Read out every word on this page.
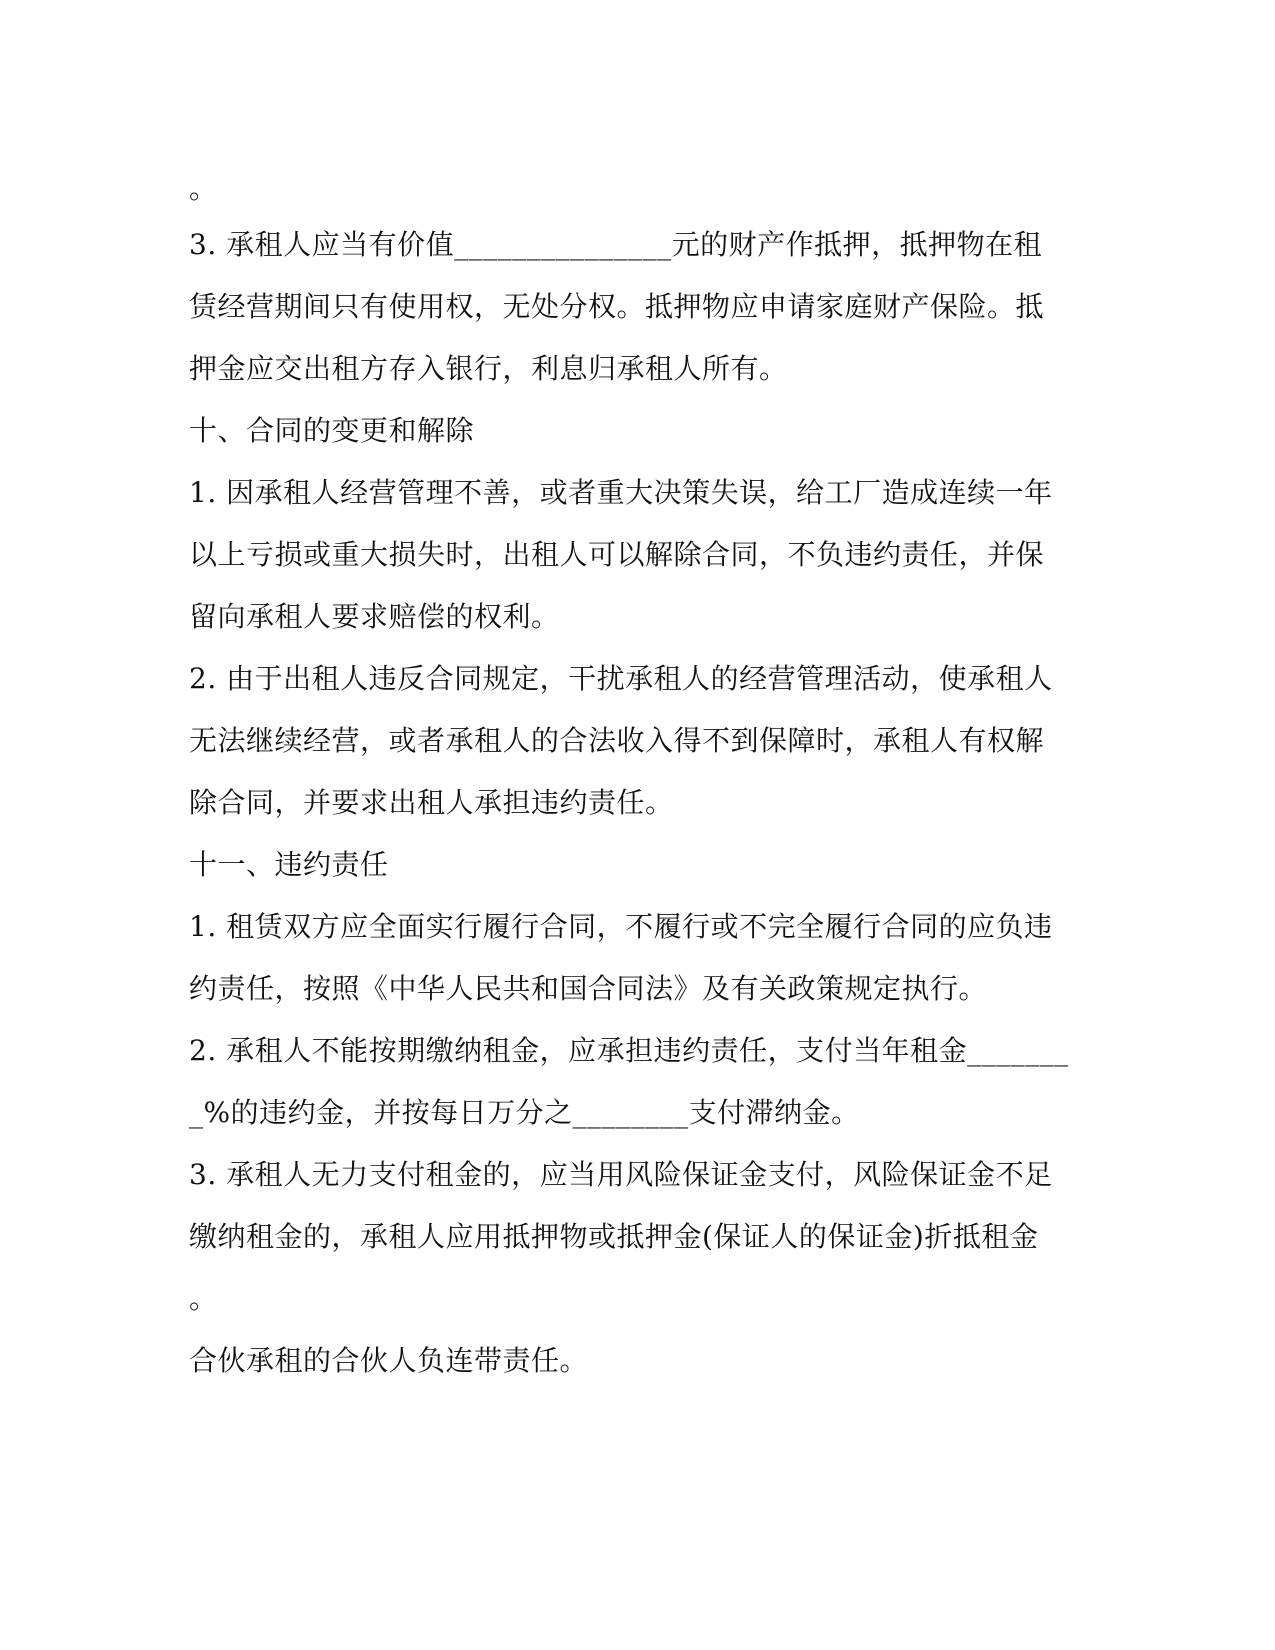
。
3. 承租人应当有价值_______________元的财产作抵押，抵押物在租
赁经营期间只有使用权，无处分权。抵押物应申请家庭财产保险。抵
押金应交出租方存入银行，利息归承租人所有。
十、合同的变更和解除
1. 因承租人经营管理不善，或者重大决策失误，给工厂造成连续一年
以上亏损或重大损失时，出租人可以解除合同，不负违约责任，并保
留向承租人要求赔偿的权利。
2. 由于出租人违反合同规定，干扰承租人的经营管理活动，使承租人
无法继续经营，或者承租人的合法收入得不到保障时，承租人有权解
除合同，并要求出租人承担违约责任。
十一、违约责任
1. 租赁双方应全面实行履行合同，不履行或不完全履行合同的应负违
约责任，按照《中华人民共和国合同法》及有关政策规定执行。
2. 承租人不能按期缴纳租金，应承担违约责任，支付当年租金_______
_%的违约金，并按每日万分之________支付滞纳金。
3. 承租人无力支付租金的，应当用风险保证金支付，风险保证金不足
缴纳租金的，承租人应用抵押物或抵押金(保证人的保证金)折抵租金
。
合伙承租的合伙人负连带责任。
